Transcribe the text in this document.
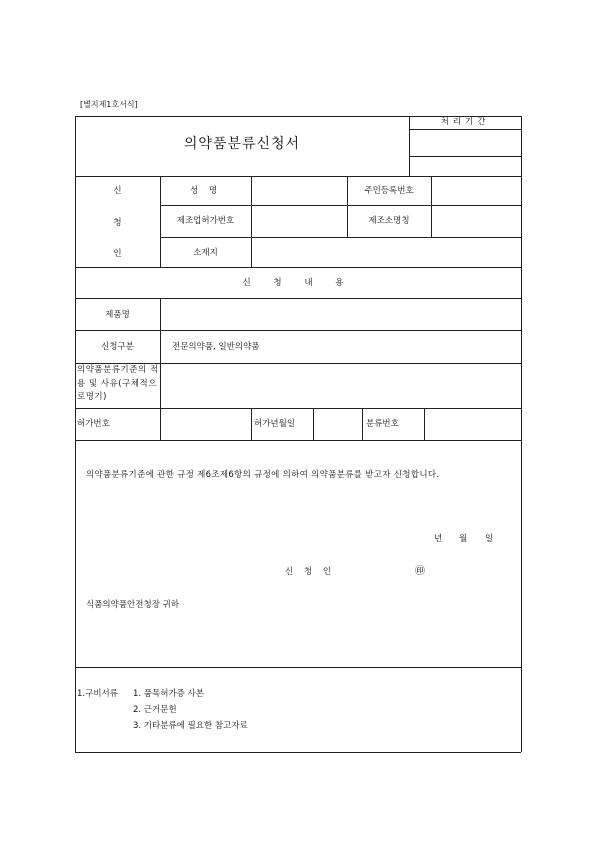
[별지제1호서식]
의약품분류신청서
처리기간
신
청
인
성 명	주민등록번호
제조업허가번호	제조소명칭
소재지
신 청 내 용
제품명
신청구분	전문의약품, 일반의약품
의약품분류기준의 적용 및 사유(구체적으로명기)
허가번호	허가년월일	분류번호
의약품분류기준에 관한 규정 제6조제6항의 규정에 의하여 의약품분류를 받고자 신청합니다.
년 월 일
신 청 인	㊞
식품의약품안전청장 귀하
1.구비서류 1. 품목허가증 사본
2. 근거문헌
3. 기타분류에 필요한 참고자료
